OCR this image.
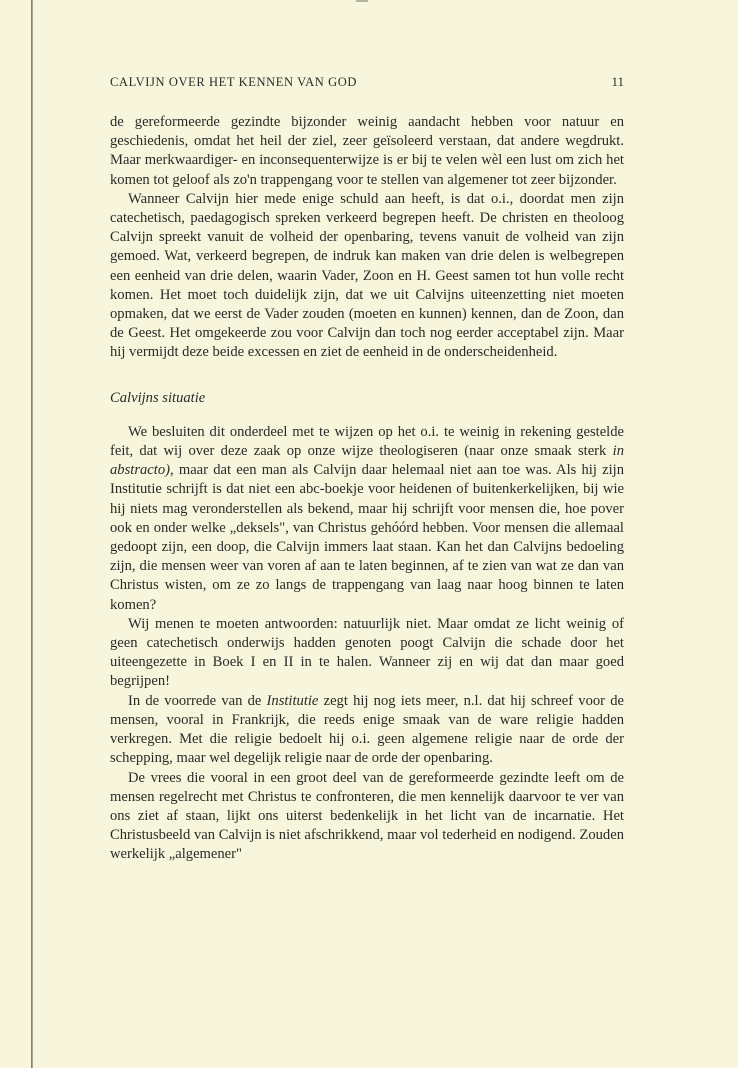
CALVIJN OVER HET KENNEN VAN GOD	11

de gereformeerde gezindte bijzonder weinig aandacht hebben voor natuur en geschiedenis, omdat het heil der ziel, zeer geïsoleerd verstaan, dat andere wegdrukt. Maar merkwaardiger- en inconsequenterwijze is er bij te velen wèl een lust om zich het komen tot geloof als zo'n trappengang voor te stellen van algemener tot zeer bijzonder.

Wanneer Calvijn hier mede enige schuld aan heeft, is dat o.i., doordat men zijn catechetisch, paedagogisch spreken verkeerd begrepen heeft. De christen en theoloog Calvijn spreekt vanuit de volheid der openbaring, tevens vanuit de volheid van zijn gemoed. Wat, verkeerd begrepen, de indruk kan maken van drie delen is welbegrepen een eenheid van drie delen, waarin Vader, Zoon en H. Geest samen tot hun volle recht komen. Het moet toch duidelijk zijn, dat we uit Calvijns uiteenzetting niet moeten opmaken, dat we eerst de Vader zouden (moeten en kunnen) kennen, dan de Zoon, dan de Geest. Het omgekeerde zou voor Calvijn dan toch nog eerder acceptabel zijn. Maar hij vermijdt deze beide excessen en ziet de eenheid in de onderscheidenheid.

Calvijns situatie

We besluiten dit onderdeel met te wijzen op het o.i. te weinig in rekening gestelde feit, dat wij over deze zaak op onze wijze theologiseren (naar onze smaak sterk in abstracto), maar dat een man als Calvijn daar helemaal niet aan toe was. Als hij zijn Institutie schrijft is dat niet een abc-boekje voor heidenen of buitenkerkelijken, bij wie hij niets mag veronderstellen als bekend, maar hij schrijft voor mensen die, hoe pover ook en onder welke „deksels", van Christus gehóórd hebben. Voor mensen die allemaal gedoopt zijn, een doop, die Calvijn immers laat staan. Kan het dan Calvijns bedoeling zijn, die mensen weer van voren af aan te laten beginnen, af te zien van wat ze dan van Christus wisten, om ze zo langs de trappengang van laag naar hoog binnen te laten komen?

Wij menen te moeten antwoorden: natuurlijk niet. Maar omdat ze licht weinig of geen catechetisch onderwijs hadden genoten poogt Calvijn die schade door het uiteengezette in Boek I en II in te halen. Wanneer zij en wij dat dan maar goed begrijpen!

In de voorrede van de Institutie zegt hij nog iets meer, n.l. dat hij schreef voor de mensen, vooral in Frankrijk, die reeds enige smaak van de ware religie hadden verkregen. Met die religie bedoelt hij o.i. geen algemene religie naar de orde der schepping, maar wel degelijk religie naar de orde der openbaring.

De vrees die vooral in een groot deel van de gereformeerde gezindte leeft om de mensen regelrecht met Christus te confronteren, die men kennelijk daarvoor te ver van ons ziet af staan, lijkt ons uiterst bedenkelijk in het licht van de incarnatie. Het Christusbeeld van Calvijn is niet afschrikkend, maar vol tederheid en nodigend. Zouden werkelijk „algemener"
